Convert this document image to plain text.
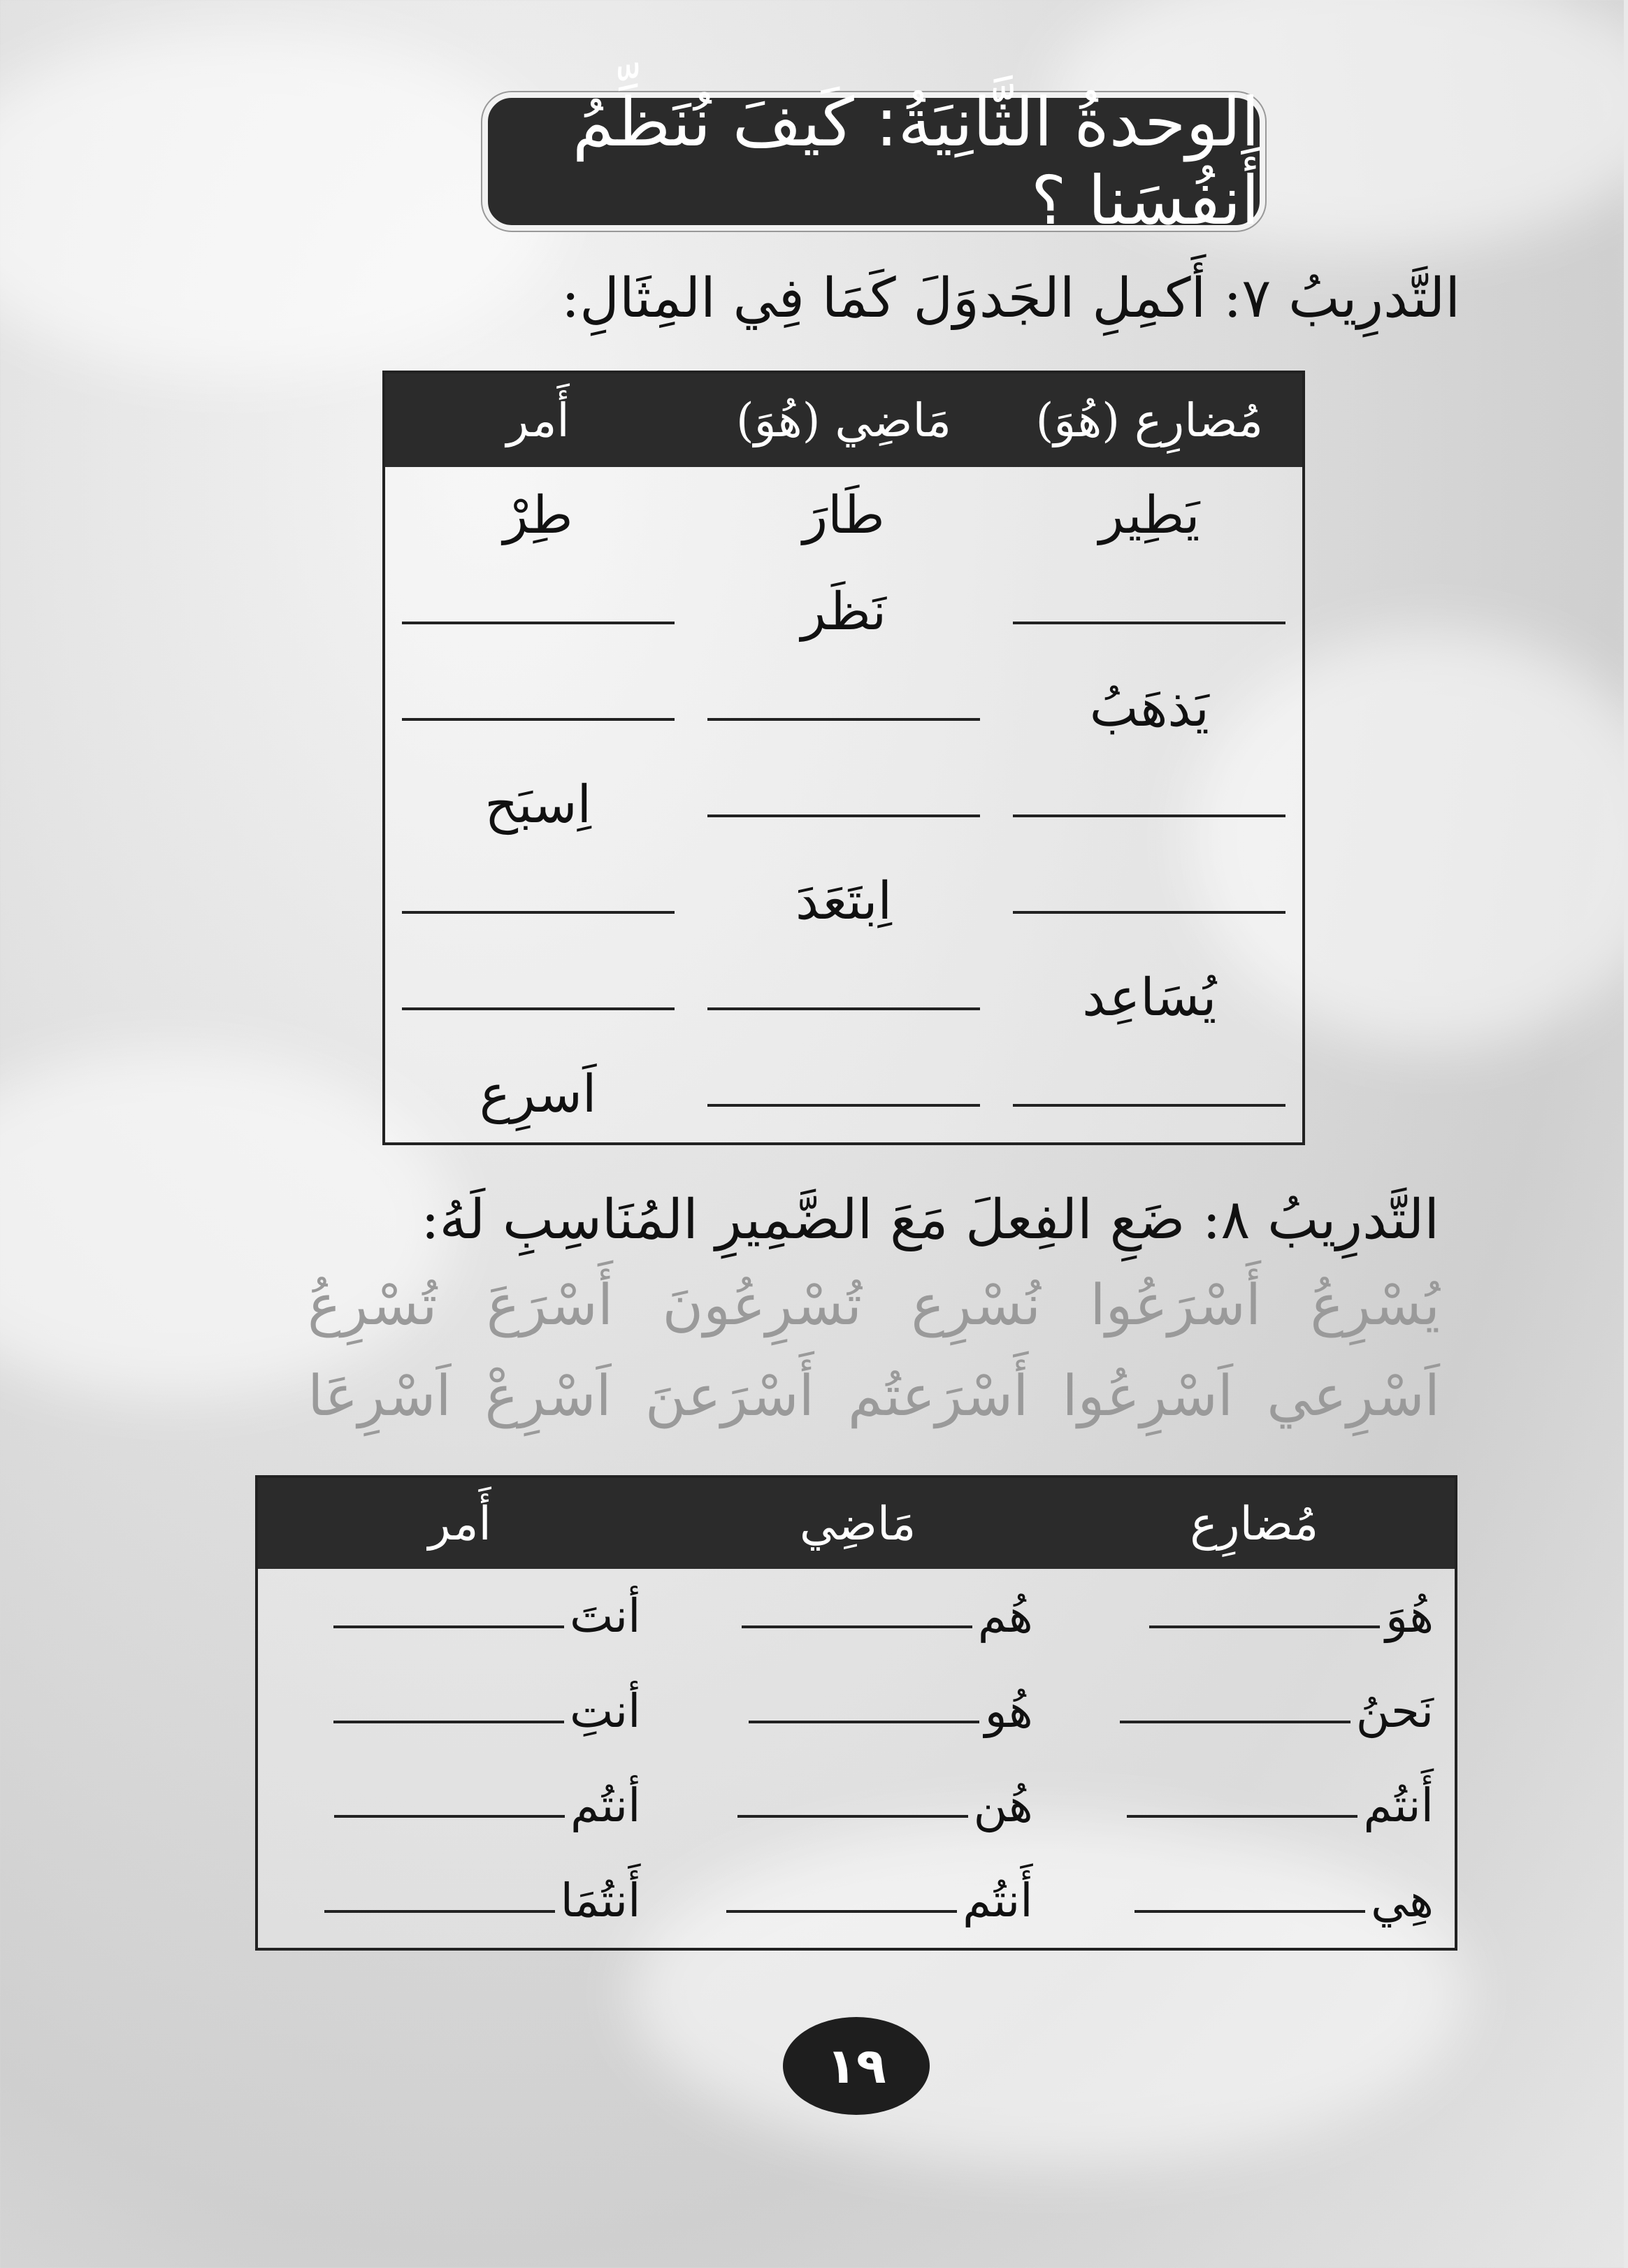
الوحدةُ الثَّانِيَةُ: كَيفَ نُنَظِّمُ أَنفُسَنا ؟
التَّدرِيبُ ٧: أَكمِلِ الجَدوَلَ كَمَا فِي المِثَالِ:
مُضارِع (هُوَ)	مَاضِي (هُوَ)	أَمر
يَطِير	طَارَ	طِرْ
	نَظَر	
يَذهَبُ		
		اِسبَح
	اِبتَعَدَ	
يُسَاعِد		
		اَسرِع
التَّدرِيبُ ٨: ضَعِ الفِعلَ مَعَ الضَّمِيرِ المُنَاسِبِ لَهُ:
يُسْرِعُ
أَسْرَعُوا
نُسْرِع
تُسْرِعُونَ
أَسْرَعَ
تُسْرِعُ
اَسْرِعي
اَسْرِعُوا
أَسْرَعتُم
أَسْرَعنَ
اَسْرِعْ
اَسْرِعَا
مُضارِع	مَاضِي	أَمر
هُوَ	هُم	أنتَ
نَحنُ	هُو	أنتِ
أَنتُم	هُن	أنتُم
هِي	أَنتُم	أَنتُمَا
١٩
